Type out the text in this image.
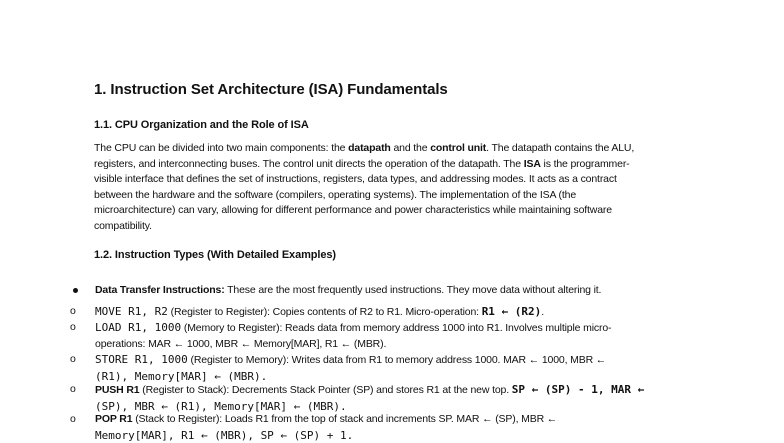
1. Instruction Set Architecture (ISA) Fundamentals
1.1. CPU Organization and the Role of ISA
The CPU can be divided into two main components: the datapath and the control unit. The datapath contains the ALU,
registers, and interconnecting buses. The control unit directs the operation of the datapath. The ISA is the programmer-
visible interface that defines the set of instructions, registers, data types, and addressing modes. It acts as a contract
between the hardware and the software (compilers, operating systems). The implementation of the ISA (the
microarchitecture) can vary, allowing for different performance and power characteristics while maintaining software
compatibility.
1.2. Instruction Types (With Detailed Examples)
Data Transfer Instructions: These are the most frequently used instructions. They move data without altering it.
o	MOVE R1, R2 (Register to Register): Copies contents of R2 to R1. Micro-operation: R1 ← (R2).
o	LOAD R1, 1000 (Memory to Register): Reads data from memory address 1000 into R1. Involves multiple micro-
operations: MAR ← 1000, MBR ← Memory[MAR], R1 ← (MBR).
o	STORE R1, 1000 (Register to Memory): Writes data from R1 to memory address 1000. MAR ← 1000, MBR ←
(R1), Memory[MAR] ← (MBR).
o	PUSH R1 (Register to Stack): Decrements Stack Pointer (SP) and stores R1 at the new top. SP ← (SP) - 1, MAR ←
(SP), MBR ← (R1), Memory[MAR] ← (MBR).
o	POP R1 (Stack to Register): Loads R1 from the top of stack and increments SP. MAR ← (SP), MBR ←
Memory[MAR], R1 ← (MBR), SP ← (SP) + 1.
